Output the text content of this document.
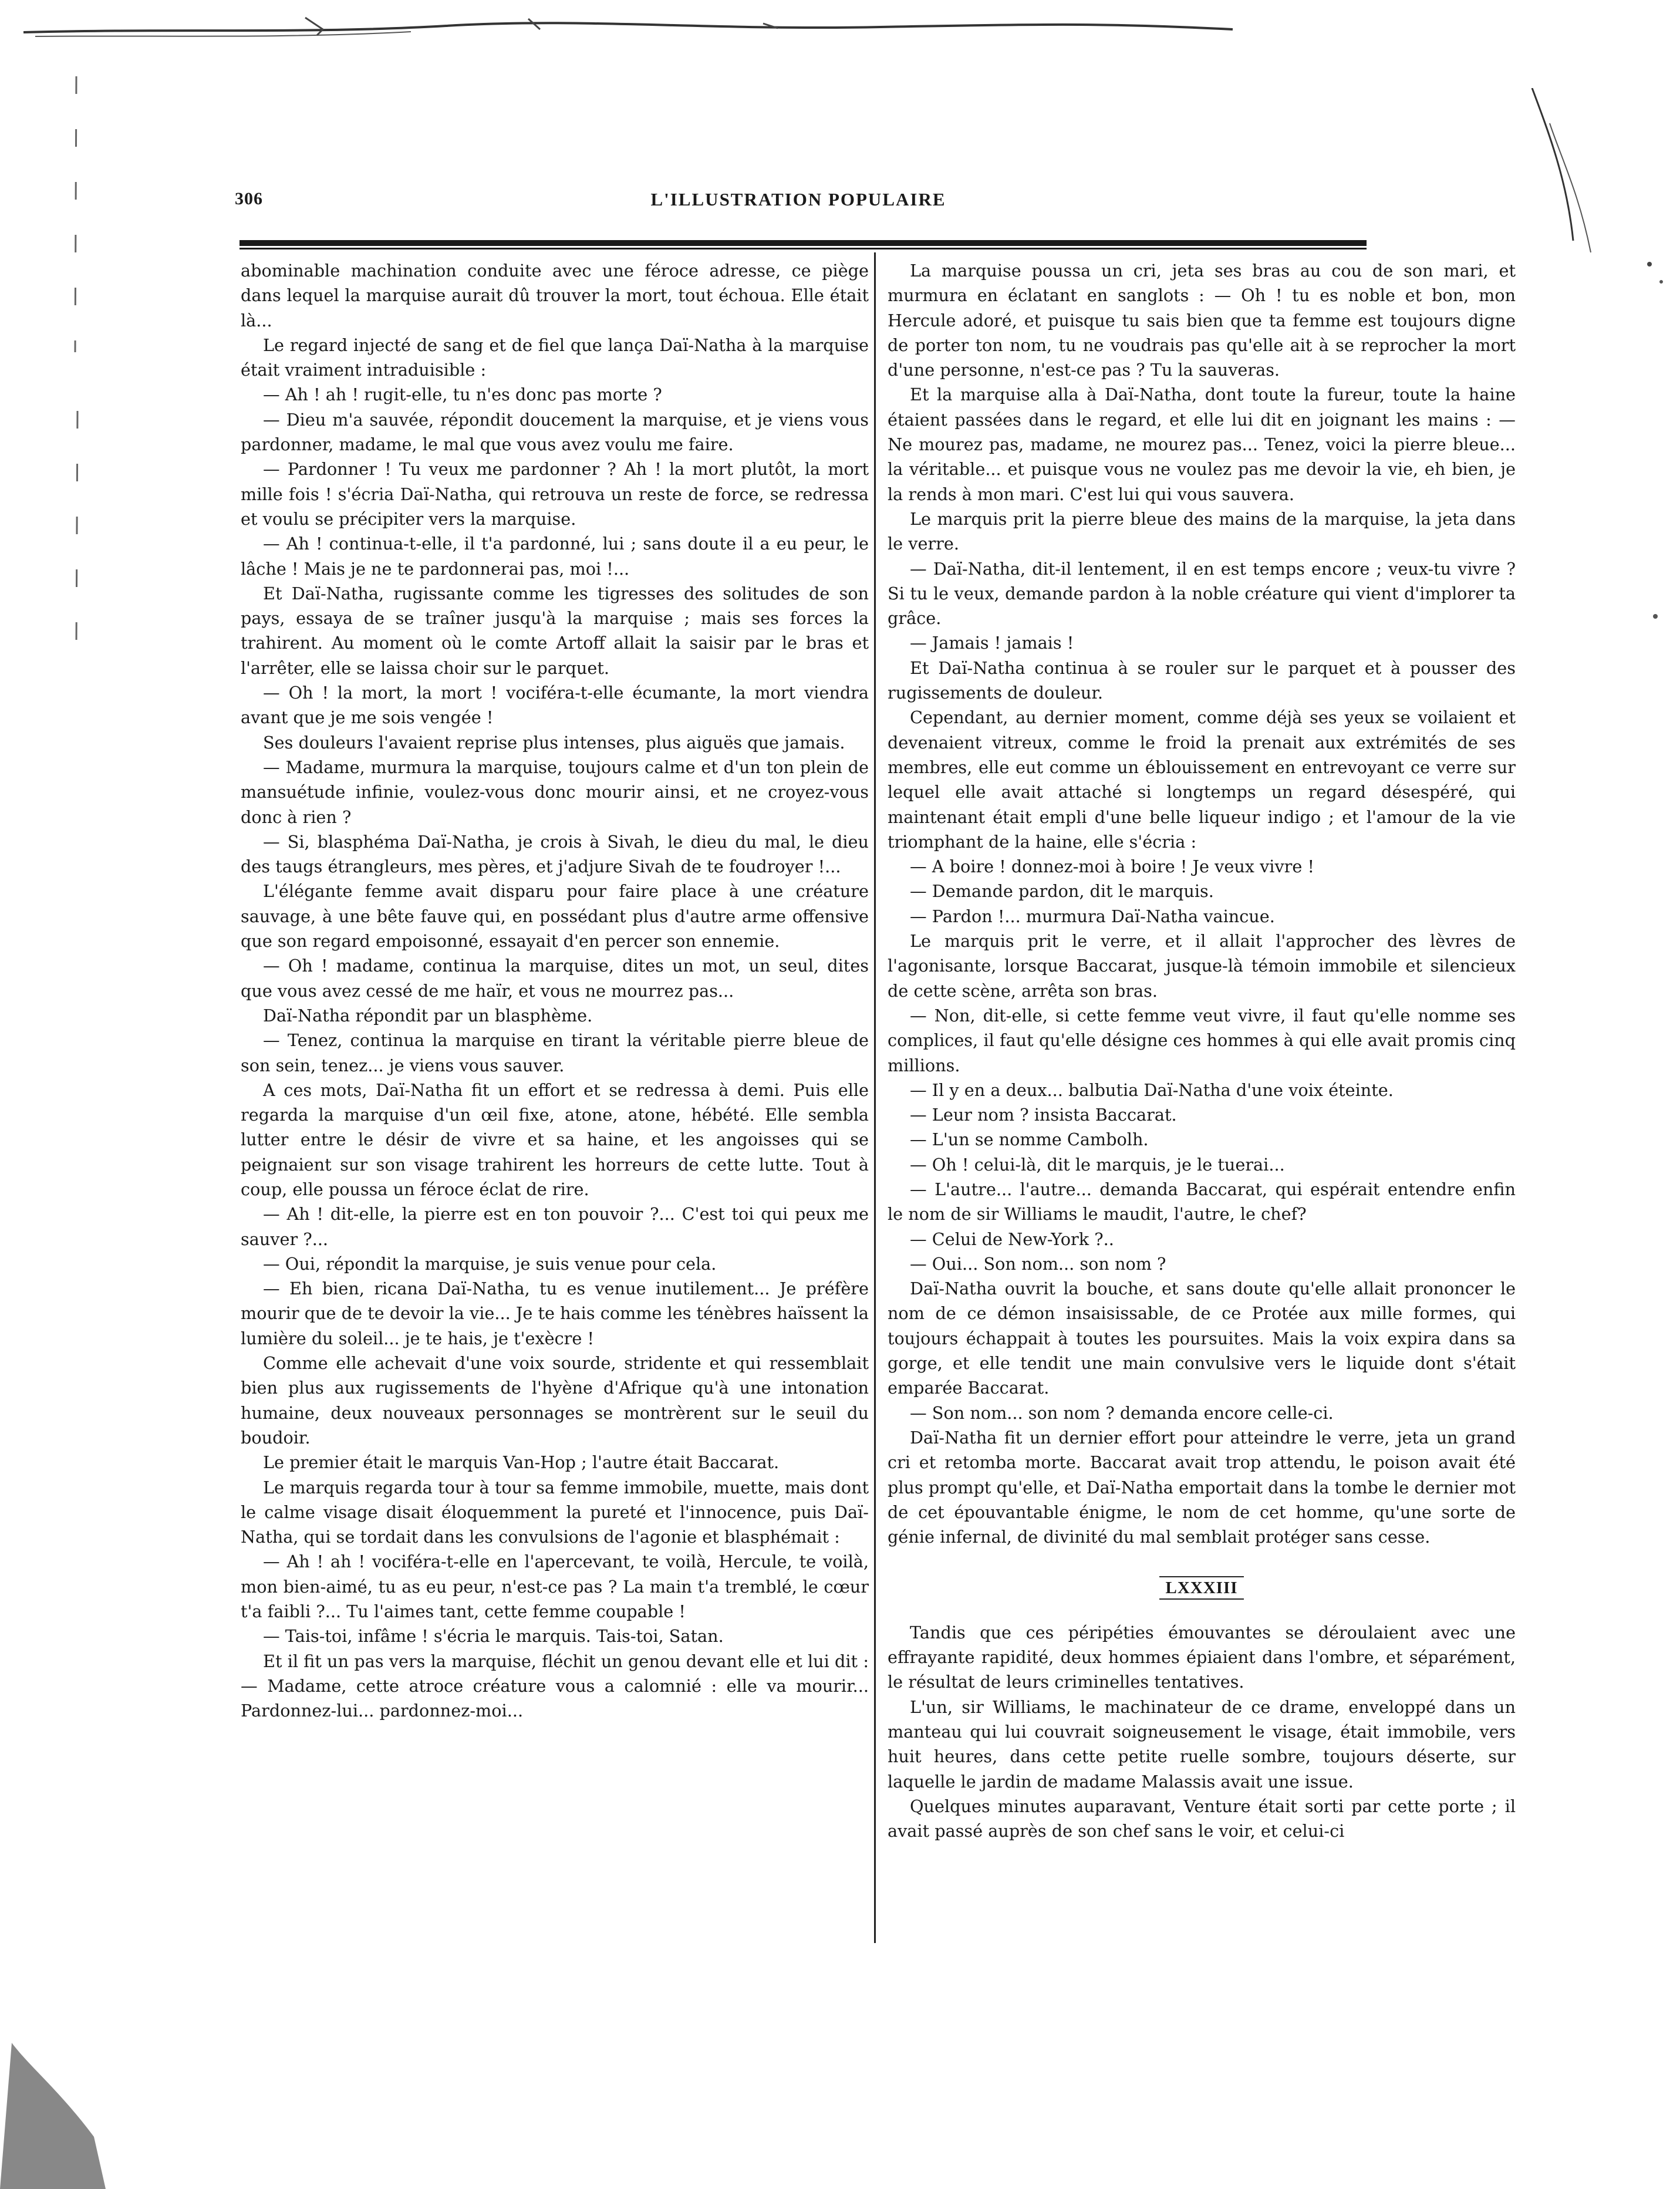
306	L'ILLUSTRATION POPULAIRE

abominable machination conduite avec une féroce adresse, ce piège dans lequel la marquise aurait dû trouver la mort, tout échoua. Elle était là...

Le regard injecté de sang et de fiel que lança Daï-Natha à la marquise était vraiment intraduisible :

— Ah ! ah ! rugit-elle, tu n'es donc pas morte ?

— Dieu m'a sauvée, répondit doucement la marquise, et je viens vous pardonner, madame, le mal que vous avez voulu me faire.

— Pardonner ! Tu veux me pardonner ? Ah ! la mort plutôt, la mort mille fois ! s'écria Daï-Natha, qui retrouva un reste de force, se redressa et voulu se précipiter vers la marquise.

— Ah ! continua-t-elle, il t'a pardonné, lui ; sans doute il a eu peur, le lâche ! Mais je ne te pardonnerai pas, moi !...

Et Daï-Natha, rugissante comme les tigresses des solitudes de son pays, essaya de se traîner jusqu'à la marquise ; mais ses forces la trahirent. Au moment où le comte Artoff allait la saisir par le bras et l'arrêter, elle se laissa choir sur le parquet.

— Oh ! la mort, la mort ! vociféra-t-elle écumante, la mort viendra avant que je me sois vengée !

Ses douleurs l'avaient reprise plus intenses, plus aiguës que jamais.

— Madame, murmura la marquise, toujours calme et d'un ton plein de mansuétude infinie, voulez-vous donc mourir ainsi, et ne croyez-vous donc à rien ?

— Si, blasphéma Daï-Natha, je crois à Sivah, le dieu du mal, le dieu des taugs étrangleurs, mes pères, et j'adjure Sivah de te foudroyer !...

L'élégante femme avait disparu pour faire place à une créature sauvage, à une bête fauve qui, en possédant plus d'autre arme offensive que son regard empoisonné, essayait d'en percer son ennemie.

— Oh ! madame, continua la marquise, dites un mot, un seul, dites que vous avez cessé de me haïr, et vous ne mourrez pas...

Daï-Natha répondit par un blasphème.

— Tenez, continua la marquise en tirant la véritable pierre bleue de son sein, tenez... je viens vous sauver.

A ces mots, Daï-Natha fit un effort et se redressa à demi. Puis elle regarda la marquise d'un œil fixe, atone, atone, hébété. Elle sembla lutter entre le désir de vivre et sa haine, et les angoisses qui se peignaient sur son visage trahirent les horreurs de cette lutte. Tout à coup, elle poussa un féroce éclat de rire.

— Ah ! dit-elle, la pierre est en ton pouvoir ?... C'est toi qui peux me sauver ?...

— Oui, répondit la marquise, je suis venue pour cela.

— Eh bien, ricana Daï-Natha, tu es venue inutilement... Je préfère mourir que de te devoir la vie... Je te hais comme les ténèbres haïssent la lumière du soleil... je te hais, je t'exècre !

Comme elle achevait d'une voix sourde, stridente et qui ressemblait bien plus aux rugissements de l'hyène d'Afrique qu'à une intonation humaine, deux nouveaux personnages se montrèrent sur le seuil du boudoir.

Le premier était le marquis Van-Hop ; l'autre était Baccarat.

Le marquis regarda tour à tour sa femme immobile, muette, mais dont le calme visage disait éloquemment la pureté et l'innocence, puis Daï-Natha, qui se tordait dans les convulsions de l'agonie et blasphémait :

— Ah ! ah ! vociféra-t-elle en l'apercevant, te voilà, Hercule, te voilà, mon bien-aimé, tu as eu peur, n'est-ce pas ? La main t'a tremblé, le cœur t'a faibli ?... Tu l'aimes tant, cette femme coupable !

— Tais-toi, infâme ! s'écria le marquis. Tais-toi, Satan.

Et il fit un pas vers la marquise, fléchit un genou devant elle et lui dit : — Madame, cette atroce créature vous a calomnié : elle va mourir... Pardonnez-lui... pardonnez-moi...

La marquise poussa un cri, jeta ses bras au cou de son mari, et murmura en éclatant en sanglots : — Oh ! tu es noble et bon, mon Hercule adoré, et puisque tu sais bien que ta femme est toujours digne de porter ton nom, tu ne voudrais pas qu'elle ait à se reprocher la mort d'une personne, n'est-ce pas ? Tu la sauveras.

Et la marquise alla à Daï-Natha, dont toute la fureur, toute la haine étaient passées dans le regard, et elle lui dit en joignant les mains : — Ne mourez pas, madame, ne mourez pas... Tenez, voici la pierre bleue... la véritable... et puisque vous ne voulez pas me devoir la vie, eh bien, je la rends à mon mari. C'est lui qui vous sauvera.

Le marquis prit la pierre bleue des mains de la marquise, la jeta dans le verre.

— Daï-Natha, dit-il lentement, il en est temps encore ; veux-tu vivre ? Si tu le veux, demande pardon à la noble créature qui vient d'implorer ta grâce.

— Jamais ! jamais !

Et Daï-Natha continua à se rouler sur le parquet et à pousser des rugissements de douleur.

Cependant, au dernier moment, comme déjà ses yeux se voilaient et devenaient vitreux, comme le froid la prenait aux extrémités de ses membres, elle eut comme un éblouissement en entrevoyant ce verre sur lequel elle avait attaché si longtemps un regard désespéré, qui maintenant était empli d'une belle liqueur indigo ; et l'amour de la vie triomphant de la haine, elle s'écria :

— A boire ! donnez-moi à boire ! Je veux vivre !

— Demande pardon, dit le marquis.

— Pardon !... murmura Daï-Natha vaincue.

Le marquis prit le verre, et il allait l'approcher des lèvres de l'agonisante, lorsque Baccarat, jusque-là témoin immobile et silencieux de cette scène, arrêta son bras.

— Non, dit-elle, si cette femme veut vivre, il faut qu'elle nomme ses complices, il faut qu'elle désigne ces hommes à qui elle avait promis cinq millions.

— Il y en a deux... balbutia Daï-Natha d'une voix éteinte.

— Leur nom ? insista Baccarat.

— L'un se nomme Cambolh.

— Oh ! celui-là, dit le marquis, je le tuerai...

— L'autre... l'autre... demanda Baccarat, qui espérait entendre enfin le nom de sir Williams le maudit, l'autre, le chef?

— Celui de New-York ?..

— Oui... Son nom... son nom ?

Daï-Natha ouvrit la bouche, et sans doute qu'elle allait prononcer le nom de ce démon insaisissable, de ce Protée aux mille formes, qui toujours échappait à toutes les poursuites. Mais la voix expira dans sa gorge, et elle tendit une main convulsive vers le liquide dont s'était emparée Baccarat.

— Son nom... son nom ? demanda encore celle-ci.

Daï-Natha fit un dernier effort pour atteindre le verre, jeta un grand cri et retomba morte. Baccarat avait trop attendu, le poison avait été plus prompt qu'elle, et Daï-Natha emportait dans la tombe le dernier mot de cet épouvantable énigme, le nom de cet homme, qu'une sorte de génie infernal, de divinité du mal semblait protéger sans cesse.

LXXXIII

Tandis que ces péripéties émouvantes se déroulaient avec une effrayante rapidité, deux hommes épiaient dans l'ombre, et séparément, le résultat de leurs criminelles tentatives.

L'un, sir Williams, le machinateur de ce drame, enveloppé dans un manteau qui lui couvrait soigneusement le visage, était immobile, vers huit heures, dans cette petite ruelle sombre, toujours déserte, sur laquelle le jardin de madame Malassis avait une issue.

Quelques minutes auparavant, Venture était sorti par cette porte ; il avait passé auprès de son chef sans le voir, et celui-ci
